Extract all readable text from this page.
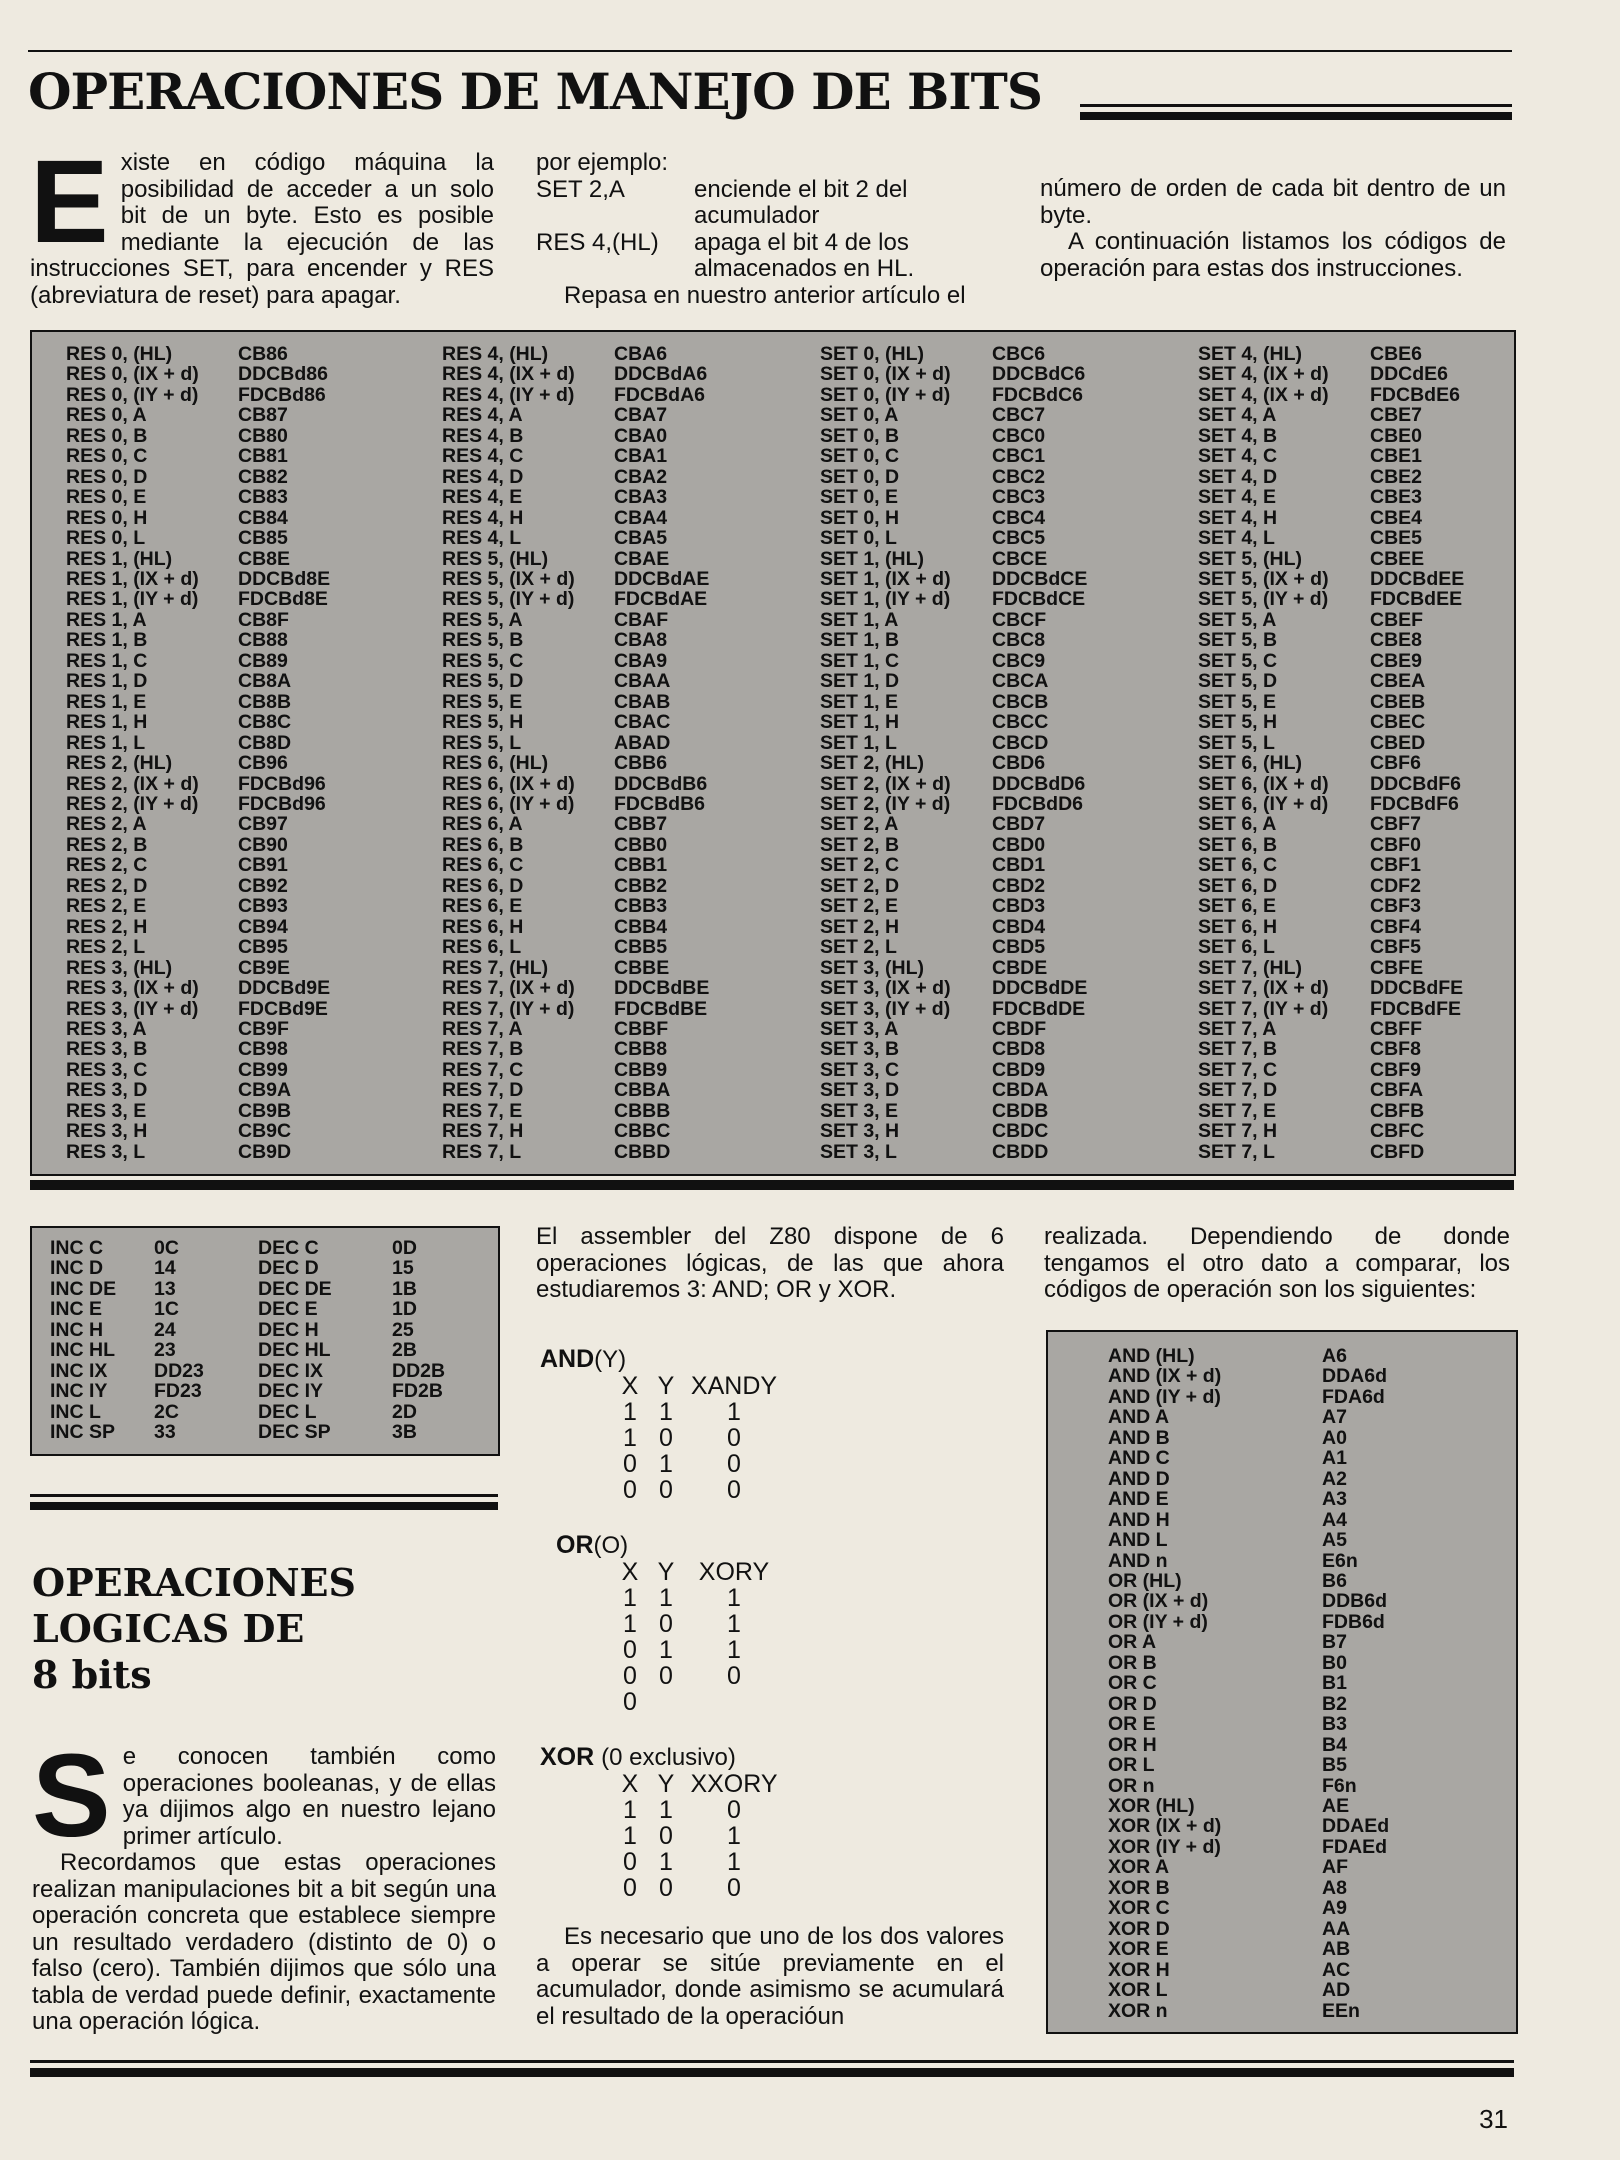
OPERACIONES DE MANEJO DE BITS
Existe en código máquina la posibilidad de acceder a un solo bit de un byte. Esto es posible mediante la ejecución de las instrucciones SET, para encender y RES (abreviatura de reset) para apagar.
por ejemplo:
SET 2,A	enciende el bit 2 del acumulador
RES 4,(HL)	apaga el bit 4 de los almacenados en HL.
Repasa en nuestro anterior artículo el

número de orden de cada bit dentro de un byte.

A continuación listamos los códigos de operación para estas dos instrucciones.

RES 0, (HL)	CB86
RES 0, (IX + d)	DDCBd86
RES 0, (IY + d)	FDCBd86
RES 0, A	CB87
RES 0, B	CB80
RES 0, C	CB81
RES 0, D	CB82
RES 0, E	CB83
RES 0, H	CB84
RES 0, L	CB85
RES 1, (HL)	CB8E
RES 1, (IX + d)	DDCBd8E
RES 1, (IY + d)	FDCBd8E
RES 1, A	CB8F
RES 1, B	CB88
RES 1, C	CB89
RES 1, D	CB8A
RES 1, E	CB8B
RES 1, H	CB8C
RES 1, L	CB8D
RES 2, (HL)	CB96
RES 2, (IX + d)	FDCBd96
RES 2, (IY + d)	FDCBd96
RES 2, A	CB97
RES 2, B	CB90
RES 2, C	CB91
RES 2, D	CB92
RES 2, E	CB93
RES 2, H	CB94
RES 2, L	CB95
RES 3, (HL)	CB9E
RES 3, (IX + d)	DDCBd9E
RES 3, (IY + d)	FDCBd9E
RES 3, A	CB9F
RES 3, B	CB98
RES 3, C	CB99
RES 3, D	CB9A
RES 3, E	CB9B
RES 3, H	CB9C
RES 3, L	CB9D
RES 4, (HL)	CBA6
RES 4, (IX + d)	DDCBdA6
RES 4, (IY + d)	FDCBdA6
RES 4, A	CBA7
RES 4, B	CBA0
RES 4, C	CBA1
RES 4, D	CBA2
RES 4, E	CBA3
RES 4, H	CBA4
RES 4, L	CBA5
RES 5, (HL)	CBAE
RES 5, (IX + d)	DDCBdAE
RES 5, (IY + d)	FDCBdAE
RES 5, A	CBAF
RES 5, B	CBA8
RES 5, C	CBA9
RES 5, D	CBAA
RES 5, E	CBAB
RES 5, H	CBAC
RES 5, L	ABAD
RES 6, (HL)	CBB6
RES 6, (IX + d)	DDCBdB6
RES 6, (IY + d)	FDCBdB6
RES 6, A	CBB7
RES 6, B	CBB0
RES 6, C	CBB1
RES 6, D	CBB2
RES 6, E	CBB3
RES 6, H	CBB4
RES 6, L	CBB5
RES 7, (HL)	CBBE
RES 7, (IX + d)	DDCBdBE
RES 7, (IY + d)	FDCBdBE
RES 7, A	CBBF
RES 7, B	CBB8
RES 7, C	CBB9
RES 7, D	CBBA
RES 7, E	CBBB
RES 7, H	CBBC
RES 7, L	CBBD
SET 0, (HL)	CBC6
SET 0, (IX + d)	DDCBdC6
SET 0, (IY + d)	FDCBdC6
SET 0, A	CBC7
SET 0, B	CBC0
SET 0, C	CBC1
SET 0, D	CBC2
SET 0, E	CBC3
SET 0, H	CBC4
SET 0, L	CBC5
SET 1, (HL)	CBCE
SET 1, (IX + d)	DDCBdCE
SET 1, (IY + d)	FDCBdCE
SET 1, A	CBCF
SET 1, B	CBC8
SET 1, C	CBC9
SET 1, D	CBCA
SET 1, E	CBCB
SET 1, H	CBCC
SET 1, L	CBCD
SET 2, (HL)	CBD6
SET 2, (IX + d)	DDCBdD6
SET 2, (IY + d)	FDCBdD6
SET 2, A	CBD7
SET 2, B	CBD0
SET 2, C	CBD1
SET 2, D	CBD2
SET 2, E	CBD3
SET 2, H	CBD4
SET 2, L	CBD5
SET 3, (HL)	CBDE
SET 3, (IX + d)	DDCBdDE
SET 3, (IY + d)	FDCBdDE
SET 3, A	CBDF
SET 3, B	CBD8
SET 3, C	CBD9
SET 3, D	CBDA
SET 3, E	CBDB
SET 3, H	CBDC
SET 3, L	CBDD
SET 4, (HL)	CBE6
SET 4, (IX + d)	DDCdE6
SET 4, (IX + d)	FDCBdE6
SET 4, A	CBE7
SET 4, B	CBE0
SET 4, C	CBE1
SET 4, D	CBE2
SET 4, E	CBE3
SET 4, H	CBE4
SET 4, L	CBE5
SET 5, (HL)	CBEE
SET 5, (IX + d)	DDCBdEE
SET 5, (IY + d)	FDCBdEE
SET 5, A	CBEF
SET 5, B	CBE8
SET 5, C	CBE9
SET 5, D	CBEA
SET 5, E	CBEB
SET 5, H	CBEC
SET 5, L	CBED
SET 6, (HL)	CBF6
SET 6, (IX + d)	DDCBdF6
SET 6, (IY + d)	FDCBdF6
SET 6, A	CBF7
SET 6, B	CBF0
SET 6, C	CBF1
SET 6, D	CDF2
SET 6, E	CBF3
SET 6, H	CBF4
SET 6, L	CBF5
SET 7, (HL)	CBFE
SET 7, (IX + d)	DDCBdFE
SET 7, (IY + d)	FDCBdFE
SET 7, A	CBFF
SET 7, B	CBF8
SET 7, C	CBF9
SET 7, D	CBFA
SET 7, E	CBFB
SET 7, H	CBFC
SET 7, L	CBFD
INC C	0C	DEC C	0D
INC D	14	DEC D	15
INC DE	13	DEC DE	1B
INC E	1C	DEC E	1D
INC H	24	DEC H	25
INC HL	23	DEC HL	2B
INC IX	DD23	DEC IX	DD2B
INC IY	FD23	DEC IY	FD2B
INC L	2C	DEC L	2D
INC SP	33	DEC SP	3B
OPERACIONES
LOGICAS DE
8 bits

Se conocen también como operaciones booleanas, y de ellas ya dijimos algo en nuestro lejano primer artículo.

Recordamos que estas operaciones realizan manipulaciones bit a bit según una operación concreta que establece siempre un resultado verdadero (distinto de 0) o falso (cero). También dijimos que sólo una tabla de verdad puede definir, exactamente una operación lógica.

El assembler del Z80 dispone de 6 operaciones lógicas, de las que ahora estudiaremos 3: AND; OR y XOR.
AND(Y)
X Y XANDY
1 1	1
1 0	0
0 1	0
0 0	0
OR(O)
X Y XORY
1 1	1
1 0	1
0 1	1
0 0	0
0
XOR (0 exclusivo)
X Y XXORY
1 1	0
1 0	1
0 1	1
0 0	0

Es necesario que uno de los dos valores a operar se sitúe previamente en el acumulador, donde asimismo se acumulará el resultado de la operacióun

realizada. Dependiendo de donde tengamos el otro dato a comparar, los códigos de operación son los siguientes:
AND (HL)	A6
AND (IX + d)	DDA6d
AND (IY + d)	FDA6d
AND A	A7
AND B	A0
AND C	A1
AND D	A2
AND E	A3
AND H	A4
AND L	A5
AND n	E6n
OR (HL)	B6
OR (IX + d)	DDB6d
OR (IY + d)	FDB6d
OR A	B7
OR B	B0
OR C	B1
OR D	B2
OR E	B3
OR H	B4
OR L	B5
OR n	F6n
XOR (HL)	AE
XOR (IX + d)	DDAEd
XOR (IY + d)	FDAEd
XOR A	AF
XOR B	A8
XOR C	A9
XOR D	AA
XOR E	AB
XOR H	AC
XOR L	AD
XOR n	EEn
31
